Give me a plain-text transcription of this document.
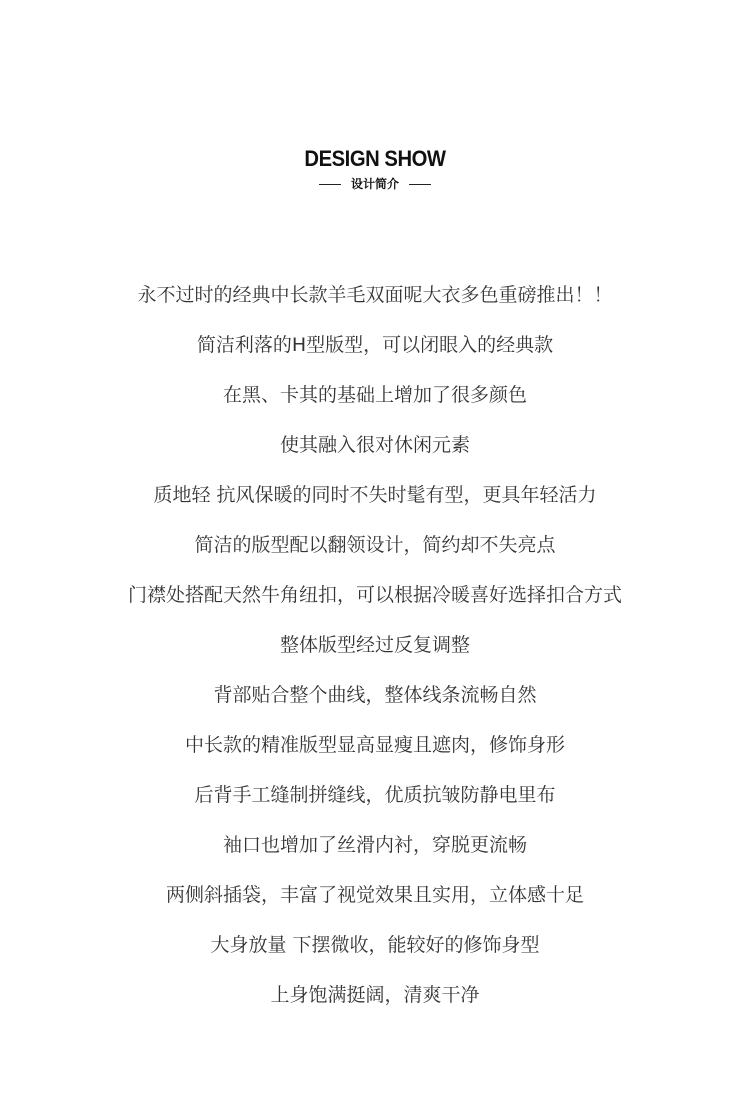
DESIGN SHOW
设计简介
永不过时的经典中长款羊毛双面呢大衣多色重磅推出！！
简洁利落的H型版型，可以闭眼入的经典款
在黑、卡其的基础上增加了很多颜色
使其融入很对休闲元素
质地轻 抗风保暖的同时不失时髦有型，更具年轻活力
简洁的版型配以翻领设计，简约却不失亮点
门襟处搭配天然牛角纽扣，可以根据冷暖喜好选择扣合方式
整体版型经过反复调整
背部贴合整个曲线，整体线条流畅自然
中长款的精准版型显高显瘦且遮肉，修饰身形
后背手工缝制拼缝线，优质抗皱防静电里布
袖口也增加了丝滑内衬，穿脱更流畅
两侧斜插袋，丰富了视觉效果且实用，立体感十足
大身放量 下摆微收，能较好的修饰身型
上身饱满挺阔，清爽干净
